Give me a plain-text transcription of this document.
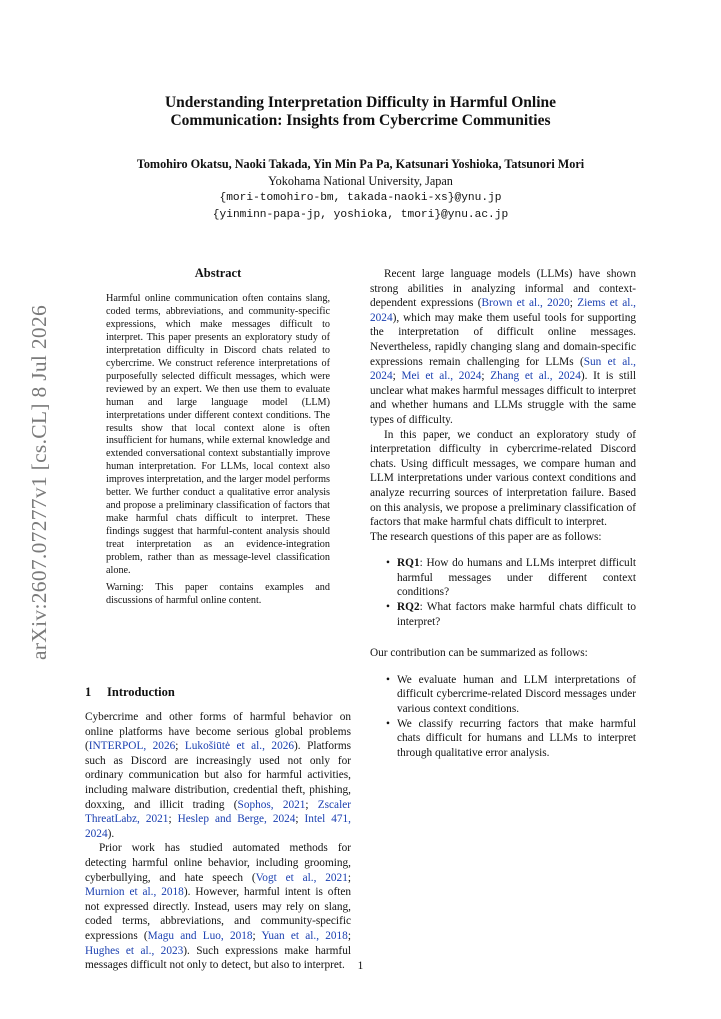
Understanding Interpretation Difficulty in Harmful Online
Communication: Insights from Cybercrime Communities
Tomohiro Okatsu, Naoki Takada, Yin Min Pa Pa, Katsunari Yoshioka, Tatsunori Mori
Yokohama National University, Japan
{mori-tomohiro-bm, takada-naoki-xs}@ynu.jp
{yinminn-papa-jp, yoshioka, tmori}@ynu.ac.jp
arXiv:2607.07277v1 [cs.CL] 8 Jul 2026
Abstract

Harmful online communication often contains slang, coded terms, abbreviations, and community-specific expressions, which make messages difficult to interpret. This paper presents an exploratory study of interpretation difficulty in Discord chats related to cybercrime. We construct reference interpretations of purposefully selected difficult messages, which were reviewed by an expert. We then use them to evaluate human and large language model (LLM) interpretations under different context conditions. The results show that local context alone is often insufficient for humans, while external knowledge and extended conversational context substantially improve human interpretation. For LLMs, local context also improves interpretation, and the larger model performs better. We further conduct a qualitative error analysis and propose a preliminary classification of factors that make harmful chats difficult to interpret. These findings suggest that harmful-content analysis should treat interpretation as an evidence-integration problem, rather than as message-level classification alone.

Warning: This paper contains examples and discussions of harmful online content.

1 Introduction

Cybercrime and other forms of harmful behavior on online platforms have become serious global problems (INTERPOL, 2026; Lukošiūtė et al., 2026). Platforms such as Discord are increasingly used not only for ordinary communication but also for harmful activities, including malware distribution, credential theft, phishing, doxxing, and illicit trading (Sophos, 2021; Zscaler ThreatLabz, 2021; Heslep and Berge, 2024; Intel 471, 2024).

Prior work has studied automated methods for detecting harmful online behavior, including grooming, cyberbullying, and hate speech (Vogt et al., 2021; Murnion et al., 2018). However, harmful intent is often not expressed directly. Instead, users may rely on slang, coded terms, abbreviations, and community-specific expressions (Magu and Luo, 2018; Yuan et al., 2018; Hughes et al., 2023). Such expressions make harmful messages difficult not only to detect, but also to interpret.

Recent large language models (LLMs) have shown strong abilities in analyzing informal and context-dependent expressions (Brown et al., 2020; Ziems et al., 2024), which may make them useful tools for supporting the interpretation of difficult online messages. Nevertheless, rapidly changing slang and domain-specific expressions remain challenging for LLMs (Sun et al., 2024; Mei et al., 2024; Zhang et al., 2024). It is still unclear what makes harmful messages difficult to interpret and whether humans and LLMs struggle with the same types of difficulty.

In this paper, we conduct an exploratory study of interpretation difficulty in cybercrime-related Discord chats. Using difficult messages, we compare human and LLM interpretations under various context conditions and analyze recurring sources of interpretation failure. Based on this analysis, we propose a preliminary classification of factors that make harmful chats difficult to interpret.

The research questions of this paper are as follows:

• RQ1: How do humans and LLMs interpret difficult harmful messages under different context conditions?
• RQ2: What factors make harmful chats difficult to interpret?

Our contribution can be summarized as follows:

• We evaluate human and LLM interpretations of difficult cybercrime-related Discord messages under various context conditions.
• We classify recurring factors that make harmful chats difficult for humans and LLMs to interpret through qualitative error analysis.
1
